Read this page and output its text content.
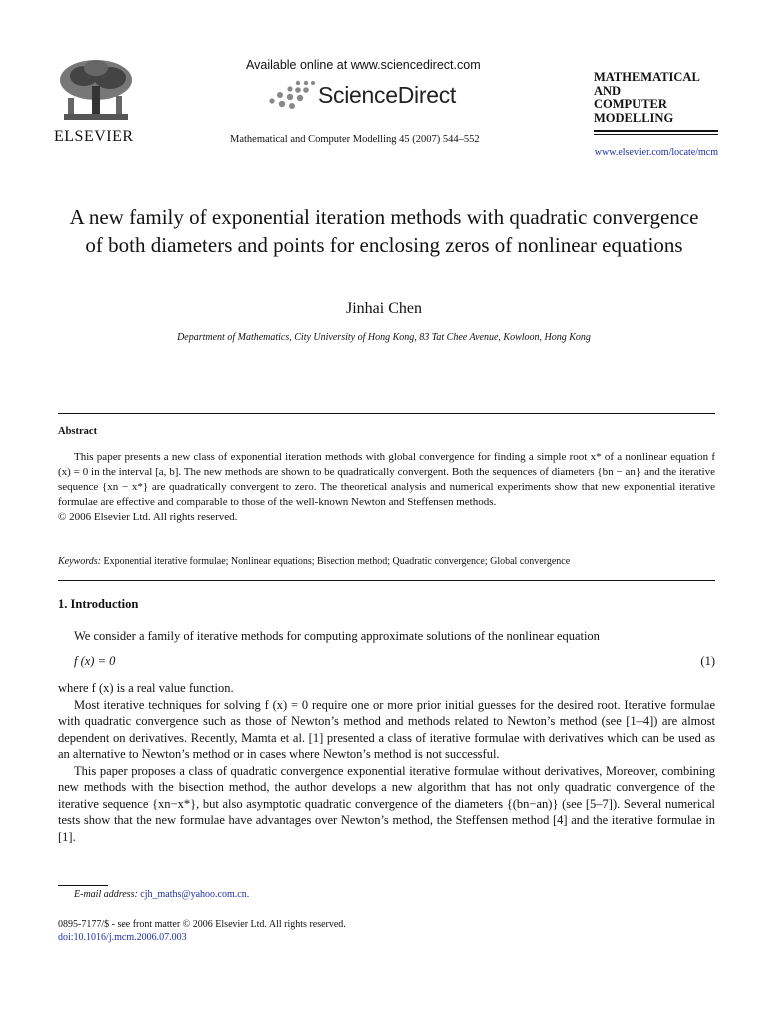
ELSEVIER
Available online at www.sciencedirect.com
ScienceDirect
Mathematical and Computer Modelling 45 (2007) 544–552
MATHEMATICAL
AND
COMPUTER
MODELLING
www.elsevier.com/locate/mcm
A new family of exponential iteration methods with quadratic convergence of both diameters and points for enclosing zeros of nonlinear equations
Jinhai Chen
Department of Mathematics, City University of Hong Kong, 83 Tat Chee Avenue, Kowloon, Hong Kong
Abstract

This paper presents a new class of exponential iteration methods with global convergence for finding a simple root x* of a nonlinear equation f (x) = 0 in the interval [a, b]. The new methods are shown to be quadratically convergent. Both the sequences of diameters {bn − an} and the iterative sequence {xn − x*} are quadratically convergent to zero. The theoretical analysis and numerical experiments show that new exponential iterative formulae are effective and comparable to those of the well-known Newton and Steffensen methods.

© 2006 Elsevier Ltd. All rights reserved.
Keywords: Exponential iterative formulae; Nonlinear equations; Bisection method; Quadratic convergence; Global convergence
1. Introduction

We consider a family of iterative methods for computing approximate solutions of the nonlinear equation

f (x) = 0	(1)
where f (x) is a real value function.

Most iterative techniques for solving f (x) = 0 require one or more prior initial guesses for the desired root. Iterative formulae with quadratic convergence such as those of Newton’s method and methods related to Newton’s method (see [1–4]) are almost dependent on derivatives. Recently, Mamta et al. [1] presented a class of iterative formulae with derivatives which can be used as an alternative to Newton’s method or in cases where Newton’s method is not successful.

This paper proposes a class of quadratic convergence exponential iterative formulae without derivatives, Moreover, combining new methods with the bisection method, the author develops a new algorithm that has not only quadratic convergence of the iterative sequence {xn−x*}, but also asymptotic quadratic convergence of the diameters {(bn−an)} (see [5–7]). Several numerical tests show that the new formulae have advantages over Newton’s method, the Steffensen method [4] and the iterative formulae in [1].

E-mail address: cjh_maths@yahoo.com.cn.
0895-7177/$ - see front matter © 2006 Elsevier Ltd. All rights reserved.
doi:10.1016/j.mcm.2006.07.003
